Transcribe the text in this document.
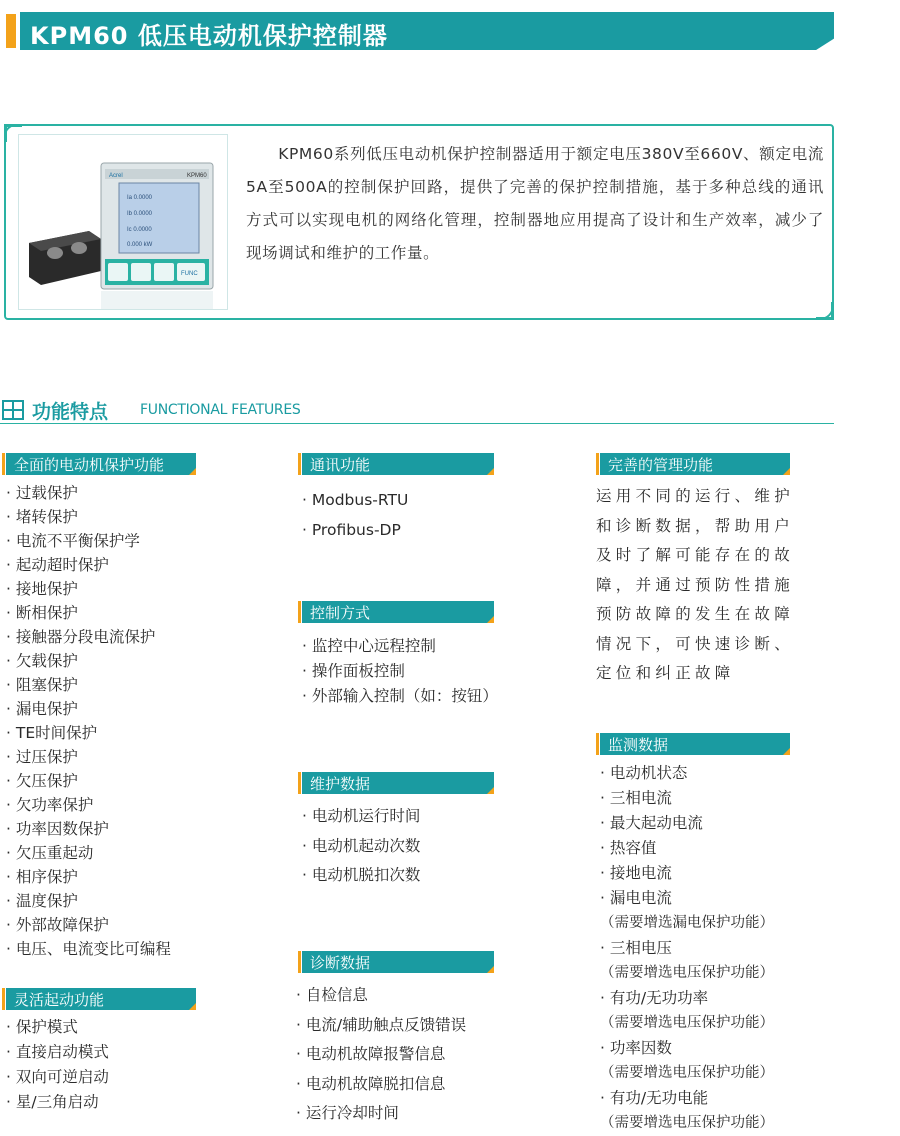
KPM60 低压电动机保护控制器
Acrel	KPM60
Ia 0.0000
Ib 0.0000
Ic 0.0000
0.000 kW
FUNC
  KPM60系列低压电动机保护控制器适用于额定电压380V至660V、额定电流5A至500A的控制保护回路，提供了完善的保护控制措施，基于多种总线的通讯方式可以实现电机的网络化管理，控制器地应用提高了设计和生产效率，减少了现场调试和维护的工作量。
功能特点 FUNCTIONAL FEATURES
全面的电动机保护功能
· 过载保护
· 堵转保护
· 电流不平衡保护学
· 起动超时保护
· 接地保护
· 断相保护
· 接触器分段电流保护
· 欠载保护
· 阻塞保护
· 漏电保护
· TE时间保护
· 过压保护
· 欠压保护
· 欠功率保护
· 功率因数保护
· 欠压重起动
· 相序保护
· 温度保护
· 外部故障保护
· 电压、电流变比可编程
灵活起动功能
· 保护模式
· 直接启动模式
· 双向可逆启动
· 星/三角启动
通讯功能
· Modbus-RTU
· Profibus-DP
控制方式
· 监控中心远程控制
· 操作面板控制
· 外部输入控制（如：按钮）
维护数据
· 电动机运行时间
· 电动机起动次数
· 电动机脱扣次数
诊断数据
· 自检信息
· 电流/辅助触点反馈错误
· 电动机故障报警信息
· 电动机故障脱扣信息
· 运行冷却时间
完善的管理功能
运用不同的运行、维护和诊断数据，帮助用户及时了解可能存在的故障，并通过预防性措施预防故障的发生在故障情况下，可快速诊断、定位和纠正故障
监测数据
· 电动机状态
· 三相电流
· 最大起动电流
· 热容值
· 接地电流
· 漏电电流
（需要增选漏电保护功能）
· 三相电压
（需要增选电压保护功能）
· 有功/无功功率
（需要增选电压保护功能）
· 功率因数
（需要增选电压保护功能）
· 有功/无功电能
（需要增选电压保护功能）
